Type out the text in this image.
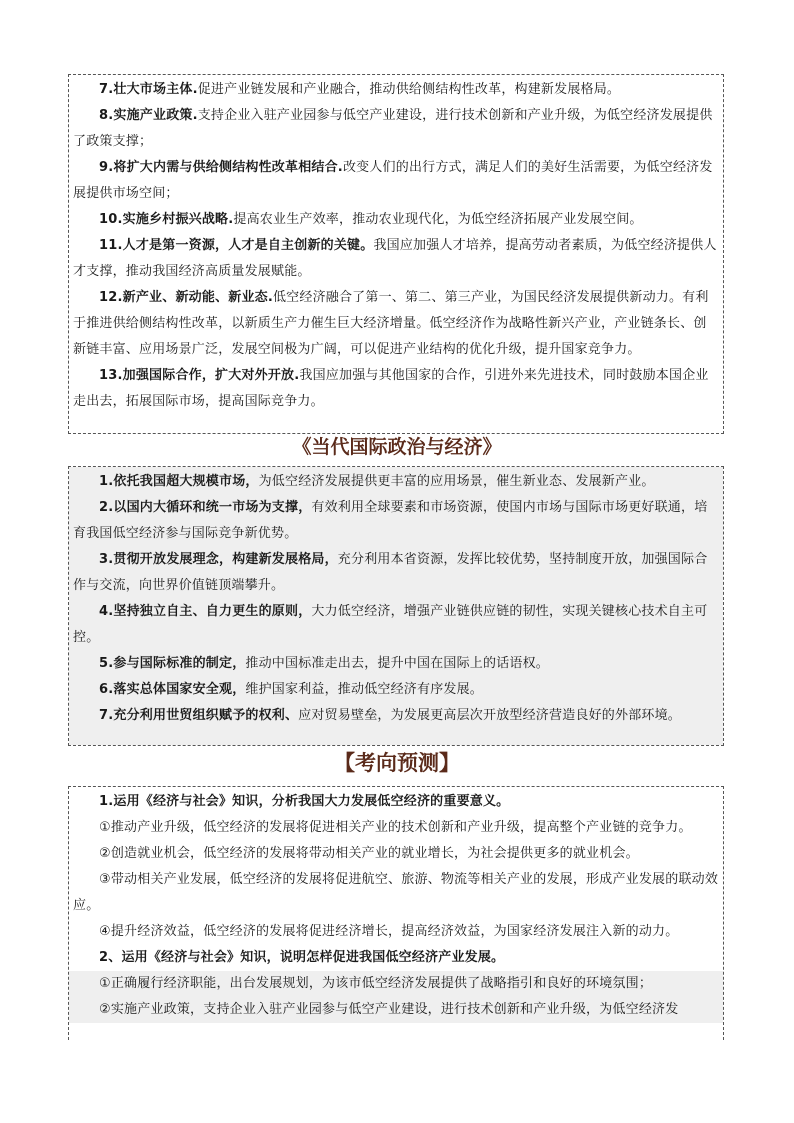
7.壮大市场主体.促进产业链发展和产业融合，推动供给侧结构性改革，构建新发展格局。

8.实施产业政策.支持企业入驻产业园参与低空产业建设，进行技术创新和产业升级，为低空经济发展提供了政策支撑；

9.将扩大内需与供给侧结构性改革相结合.改变人们的出行方式，满足人们的美好生活需要，为低空经济发展提供市场空间；

10.实施乡村振兴战略.提高农业生产效率，推动农业现代化，为低空经济拓展产业发展空间。

11.人才是第一资源，人才是自主创新的关键。我国应加强人才培养，提高劳动者素质，为低空经济提供人才支撑，推动我国经济高质量发展赋能。

12.新产业、新动能、新业态.低空经济融合了第一、第二、第三产业，为国民经济发展提供新动力。有利于推进供给侧结构性改革，以新质生产力催生巨大经济增量。低空经济作为战略性新兴产业，产业链条长、创新链丰富、应用场景广泛，发展空间极为广阔，可以促进产业结构的优化升级，提升国家竞争力。

13.加强国际合作，扩大对外开放.我国应加强与其他国家的合作，引进外来先进技术，同时鼓励本国企业走出去，拓展国际市场，提高国际竞争力。

《当代国际政治与经济》

1.依托我国超大规模市场，为低空经济发展提供更丰富的应用场景，催生新业态、发展新产业。

2.以国内大循环和统一市场为支撑，有效利用全球要素和市场资源，使国内市场与国际市场更好联通，培育我国低空经济参与国际竞争新优势。

3.贯彻开放发展理念，构建新发展格局，充分利用本省资源，发挥比较优势，坚持制度开放，加强国际合作与交流，向世界价值链顶端攀升。

4.坚持独立自主、自力更生的原则，大力低空经济，增强产业链供应链的韧性，实现关键核心技术自主可控。

5.参与国际标准的制定，推动中国标准走出去，提升中国在国际上的话语权。

6.落实总体国家安全观，维护国家利益，推动低空经济有序发展。

7.充分利用世贸组织赋予的权利、应对贸易壁垒，为发展更高层次开放型经济营造良好的外部环境。

【考向预测】

1.运用《经济与社会》知识，分析我国大力发展低空经济的重要意义。

①推动产业升级，低空经济的发展将促进相关产业的技术创新和产业升级，提高整个产业链的竞争力。

②创造就业机会，低空经济的发展将带动相关产业的就业增长，为社会提供更多的就业机会。

③带动相关产业发展，低空经济的发展将促进航空、旅游、物流等相关产业的发展，形成产业发展的联动效应。

④提升经济效益，低空经济的发展将促进经济增长，提高经济效益，为国家经济发展注入新的动力。

2、运用《经济与社会》知识，说明怎样促进我国低空经济产业发展。

①正确履行经济职能，出台发展规划，为该市低空经济发展提供了战略指引和良好的环境氛围；

②实施产业政策，支持企业入驻产业园参与低空产业建设，进行技术创新和产业升级，为低空经济发
